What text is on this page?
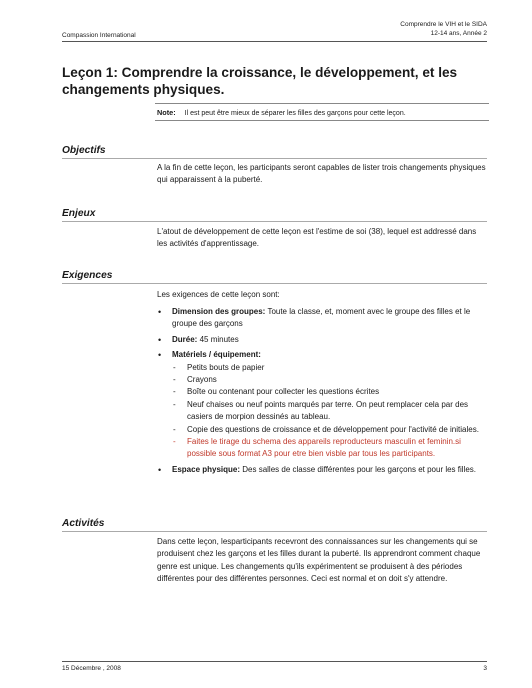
Comprendre le VIH et le SIDA
12-14 ans, Année 2
Compassion International
Leçon 1: Comprendre la croissance, le développement, et les changements physiques.
Note: Il est peut être mieux de séparer les filles des garçons pour cette leçon.
Objectifs
A la fin de cette leçon, les participants seront capables de lister trois changements physiques qui apparaissent à la puberté.
Enjeux
L'atout de développement de cette leçon est l'estime de soi (38), lequel est addressé dans les activités d'apprentissage.
Exigences
Les exigences de cette leçon sont:
• Dimension des groupes: Toute la classe, et, moment avec le groupe des filles et le groupe des garçons
• Durée: 45 minutes
• Matériels / équipement:
- Petits bouts de papier
- Crayons
- Boîte ou contenant pour collecter les questions écrites
- Neuf chaises ou neuf points marqués par terre. On peut remplacer cela par des casiers de morpion dessinés au tableau.
- Copie des questions de croissance et de développement pour l'activité de initiales.
- Faites le tirage du schema des appareils reproducteurs masculin et feminin.si possible sous format A3 pour etre bien visble par tous les participants.
• Espace physique: Des salles de classe différentes pour les garçons et pour les filles.
Activités
Dans cette leçon, lesparticipants recevront des connaissances sur les changements qui se produisent chez les garçons et les filles durant la puberté. Ils apprendront comment chaque genre est unique. Les changements qu'ils expérimentent se produisent à des périodes différentes pour des différentes personnes. Ceci est normal et on doit s'y attendre.
15 Décembre , 2008	3
